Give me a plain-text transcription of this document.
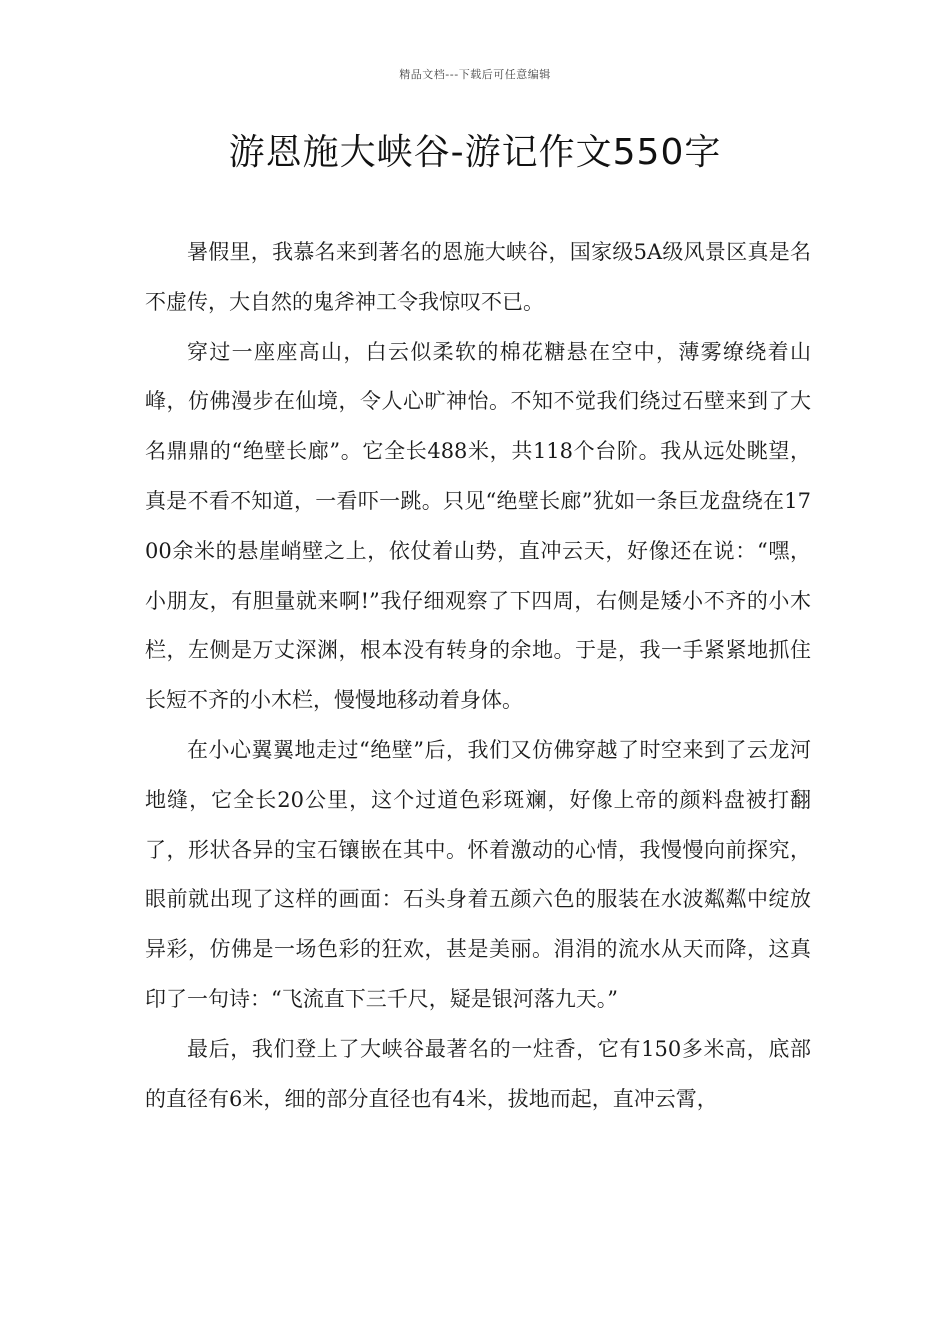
精品文档---下载后可任意编辑
游恩施大峡谷-游记作文550字

暑假里，我慕名来到著名的恩施大峡谷，国家级5A级风景区真是名不虚传，大自然的鬼斧神工令我惊叹不已。

穿过一座座高山，白云似柔软的棉花糖悬在空中，薄雾缭绕着山峰，仿佛漫步在仙境，令人心旷神怡。不知不觉我们绕过石壁来到了大名鼎鼎的“绝壁长廊”。它全长488米，共118个台阶。我从远处眺望，真是不看不知道，一看吓一跳。只见“绝壁长廊”犹如一条巨龙盘绕在1700余米的悬崖峭壁之上，依仗着山势，直冲云天，好像还在说：“嘿，小朋友，有胆量就来啊!”我仔细观察了下四周，右侧是矮小不齐的小木栏，左侧是万丈深渊，根本没有转身的余地。于是，我一手紧紧地抓住长短不齐的小木栏，慢慢地移动着身体。

在小心翼翼地走过“绝壁”后，我们又仿佛穿越了时空来到了云龙河地缝，它全长20公里，这个过道色彩斑斓，好像上帝的颜料盘被打翻了，形状各异的宝石镶嵌在其中。怀着激动的心情，我慢慢向前探究，眼前就出现了这样的画面：石头身着五颜六色的服装在水波粼粼中绽放异彩，仿佛是一场色彩的狂欢，甚是美丽。涓涓的流水从天而降，这真印了一句诗：“飞流直下三千尺，疑是银河落九天。”

最后，我们登上了大峡谷最著名的一炷香，它有150多米高，底部的直径有6米，细的部分直径也有4米，拔地而起，直冲云霄，
